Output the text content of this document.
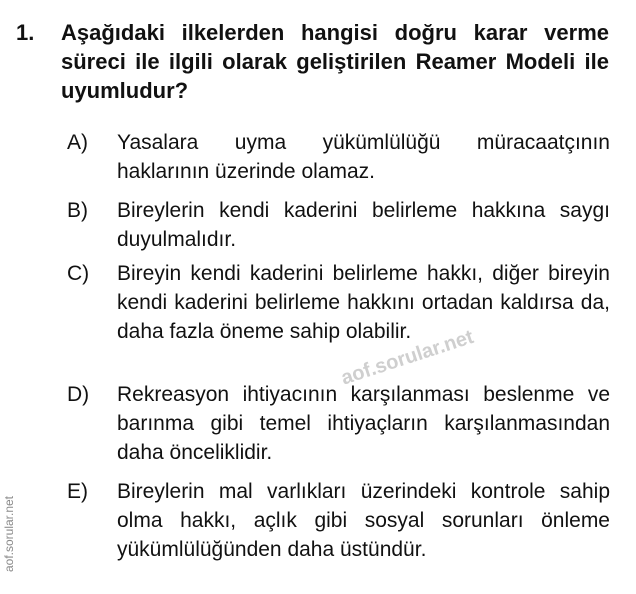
1. Aşağıdaki ilkelerden hangisi doğru karar verme süreci ile ilgili olarak geliştirilen Reamer Modeli ile uyumludur?

A) Yasalara uyma yükümlülüğü müracaatçının haklarının üzerinde olamaz.

B) Bireylerin kendi kaderini belirleme hakkına saygı duyulmalıdır.

C) Bireyin kendi kaderini belirleme hakkı, diğer bireyin kendi kaderini belirleme hakkını ortadan kaldırsa da, daha fazla öneme sahip olabilir.

D) Rekreasyon ihtiyacının karşılanması beslenme ve barınma gibi temel ihtiyaçların karşılanmasından daha önceliklidir.

E) Bireylerin mal varlıkları üzerindeki kontrole sahip olma hakkı, açlık gibi sosyal sorunları önleme yükümlülüğünden daha üstündür.

aof.sorular.net
aof.sorular.net
